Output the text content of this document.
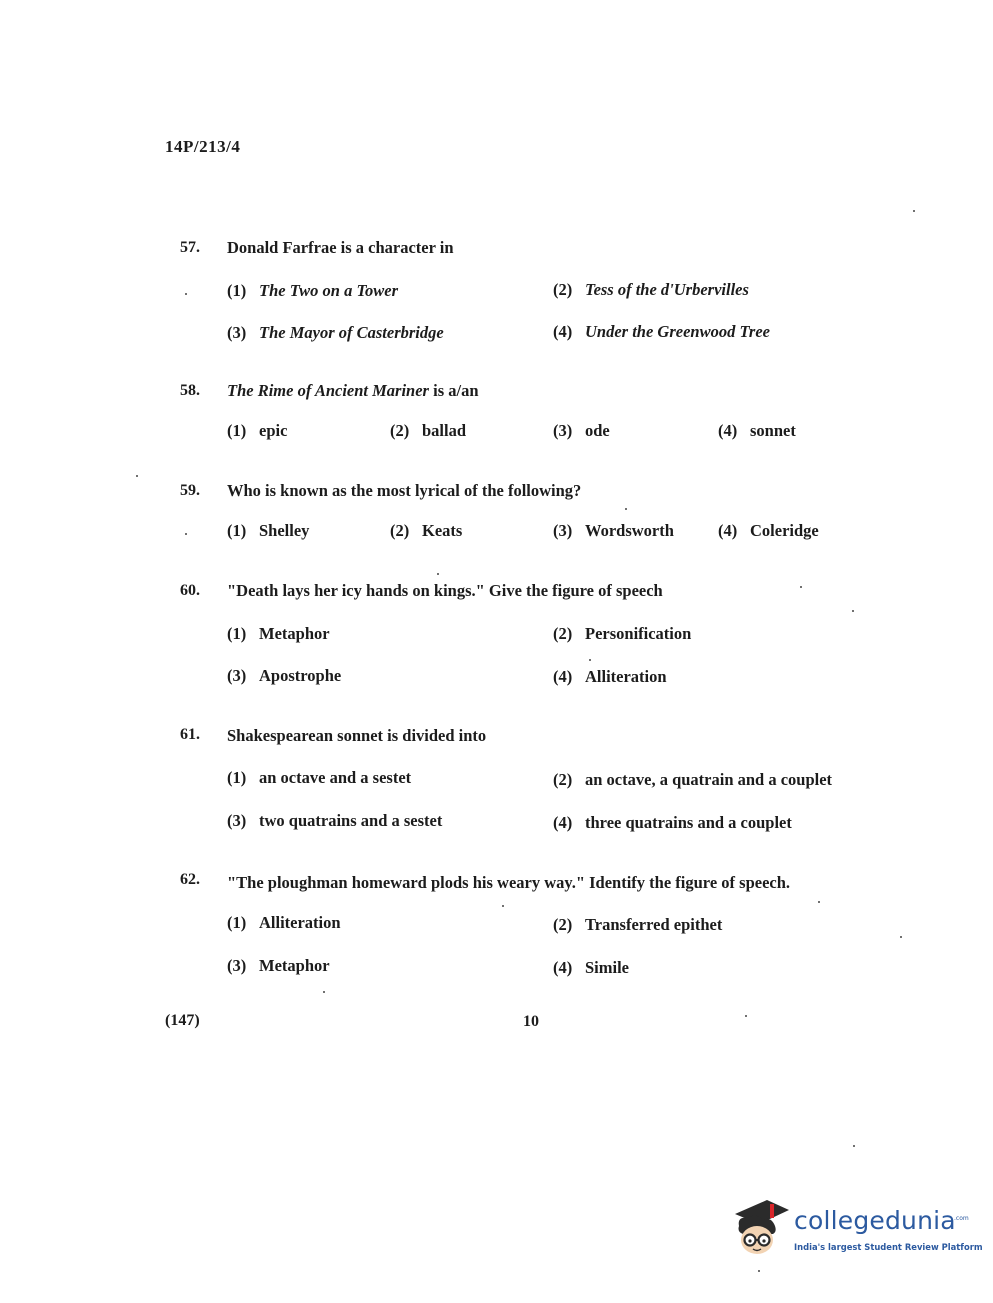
14P/213/4
57. Donald Farfrae is a character in
(1) The Two on a Tower	(2) Tess of the d'Urbervilles
(3) The Mayor of Casterbridge	(4) Under the Greenwood Tree
58. The Rime of Ancient Mariner is a/an
(1) epic	(2) ballad	(3) ode	(4) sonnet
59. Who is known as the most lyrical of the following?
(1) Shelley	(2) Keats	(3) Wordsworth	(4) Coleridge
60. "Death lays her icy hands on kings." Give the figure of speech
(1) Metaphor	(2) Personification
(3) Apostrophe	(4) Alliteration
61. Shakespearean sonnet is divided into
(1) an octave and a sestet	(2) an octave, a quatrain and a couplet
(3) two quatrains and a sestet	(4) three quatrains and a couplet
62. "The ploughman homeward plods his weary way." Identify the figure of speech.
(1) Alliteration	(2) Transferred epithet
(3) Metaphor	(4) Simile
(147)	10
collegedunia
.com
India's largest Student Review Platform
